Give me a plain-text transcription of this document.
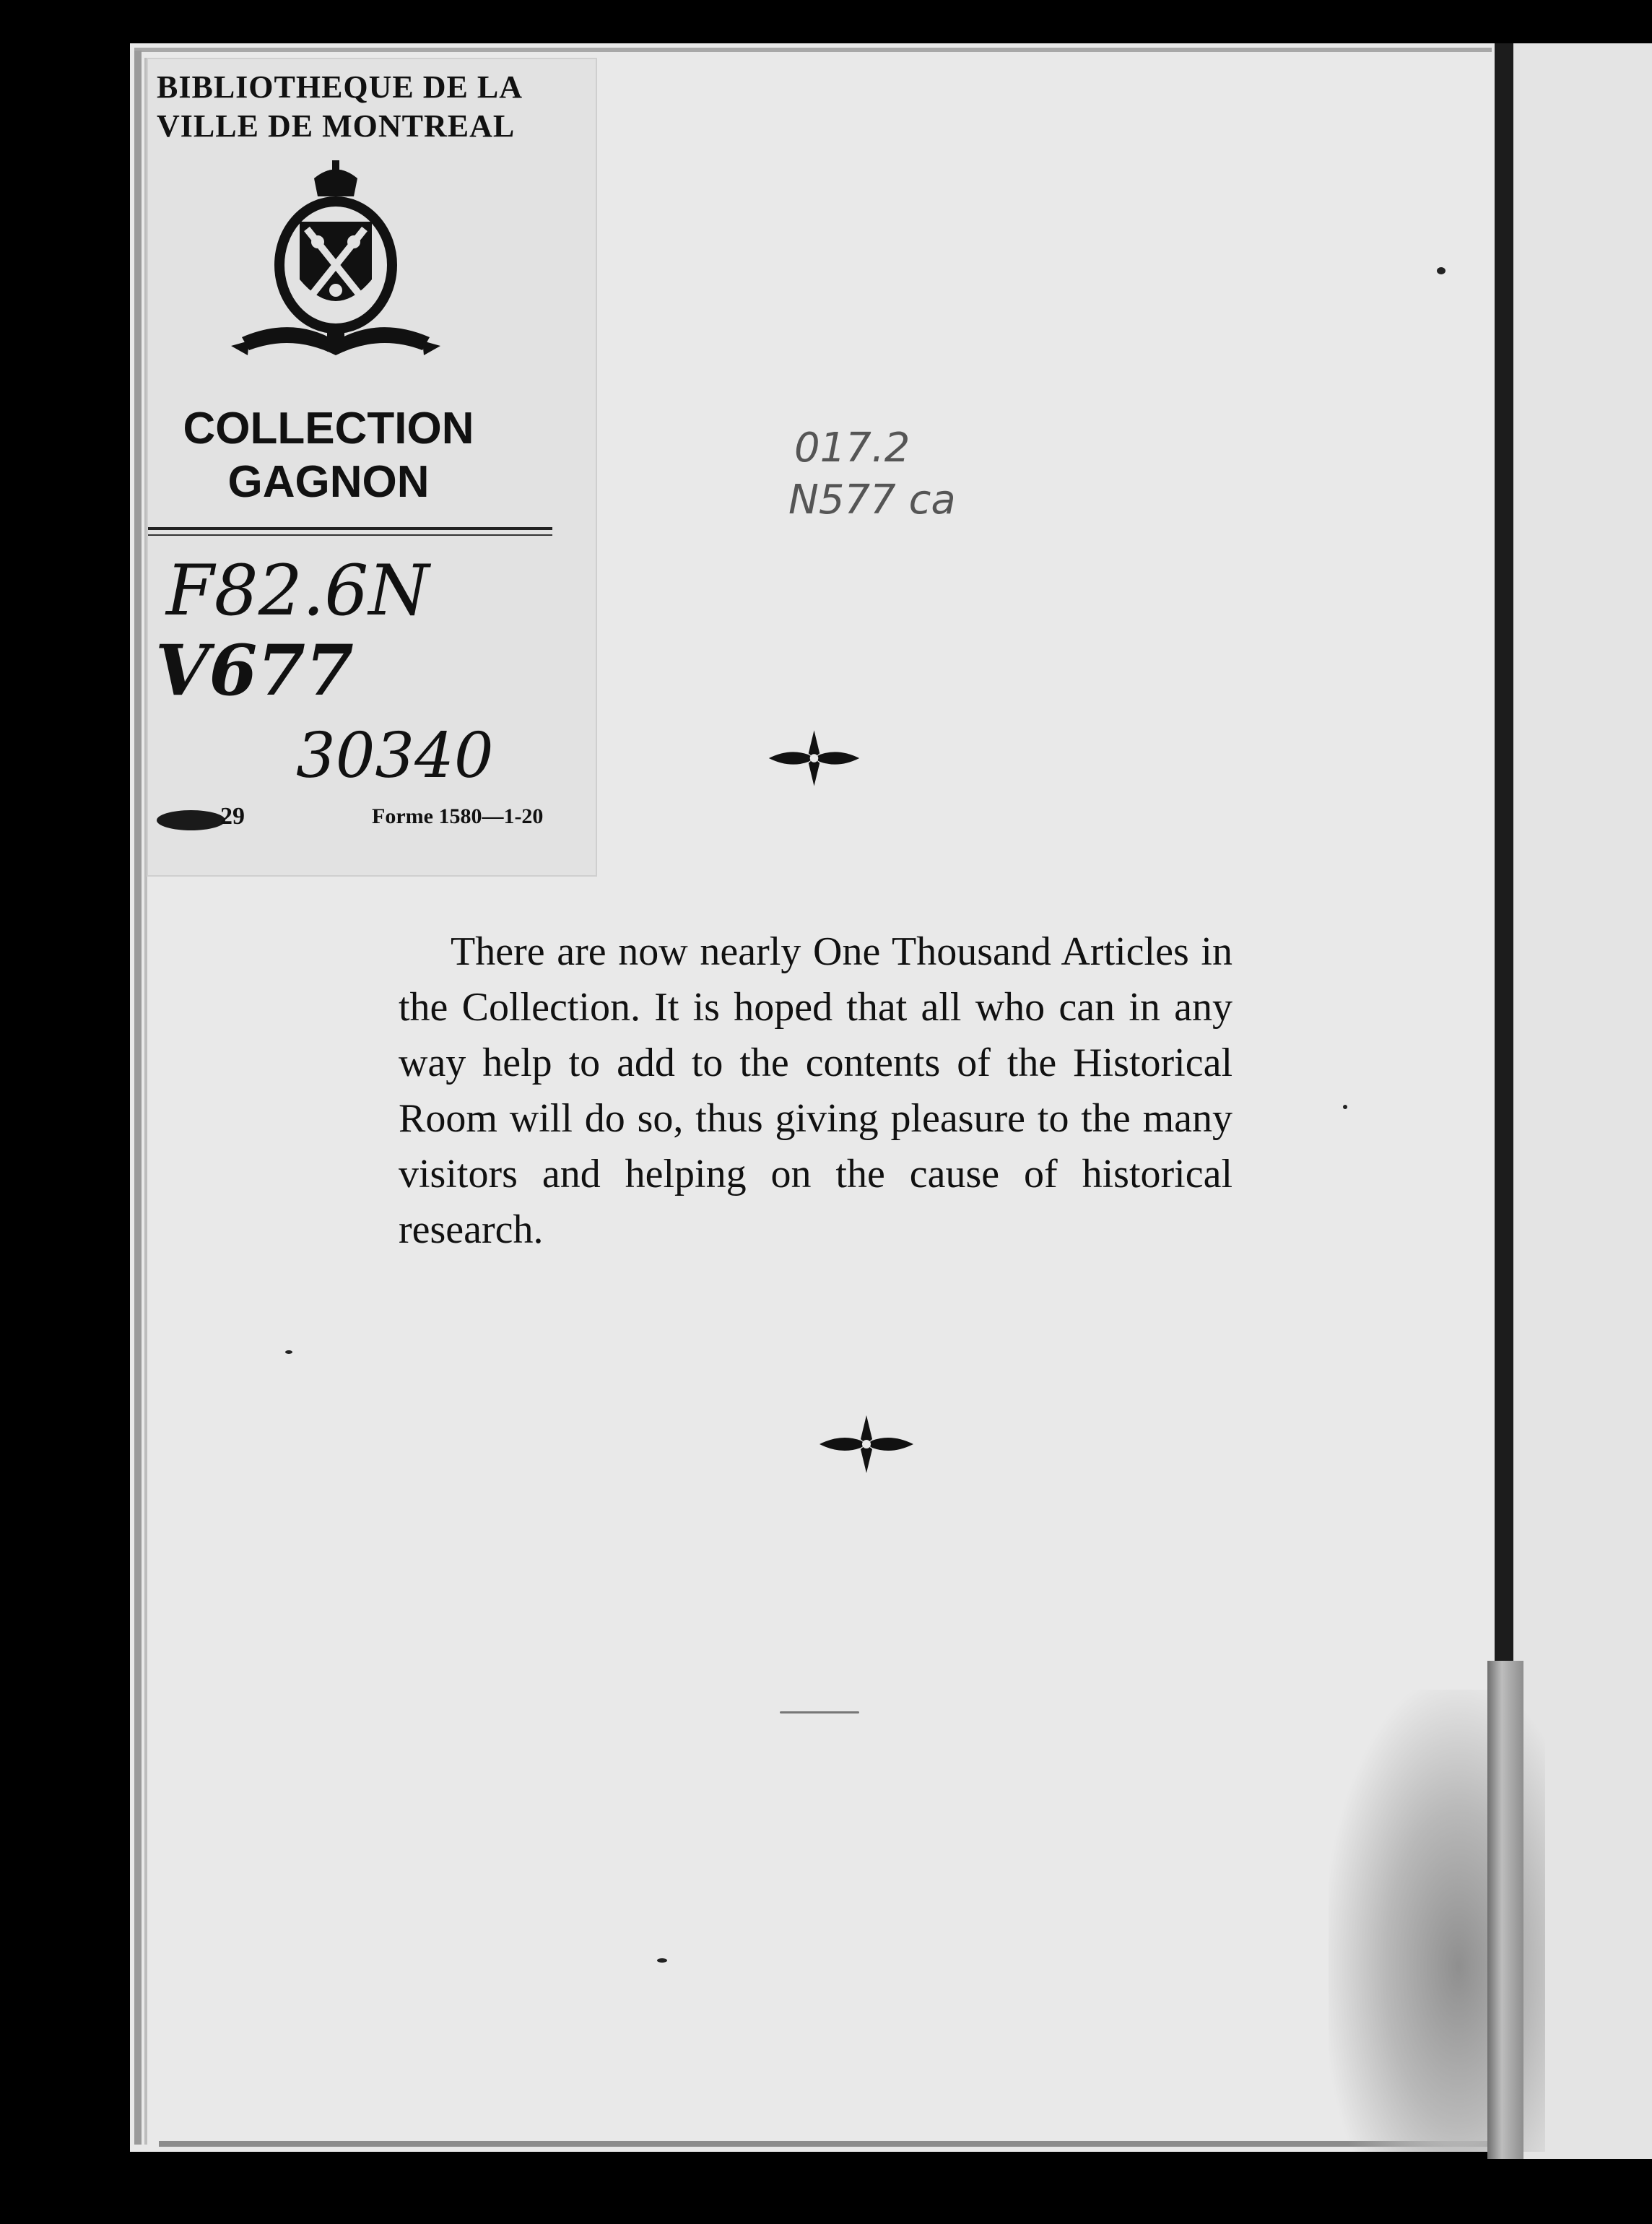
BIBLIOTHEQUE DE LA
VILLE DE MONTREAL
COLLECTION
GAGNON
F82.6N
V677
30340
29	Forme 1580—1-20
017.2
N577 ca

There are now nearly One Thousand Articles in the Collection. It is hoped that all who can in any way help to add to the contents of the Historical Room will do so, thus giving pleasure to the many visitors and helping on the cause of historical research.
